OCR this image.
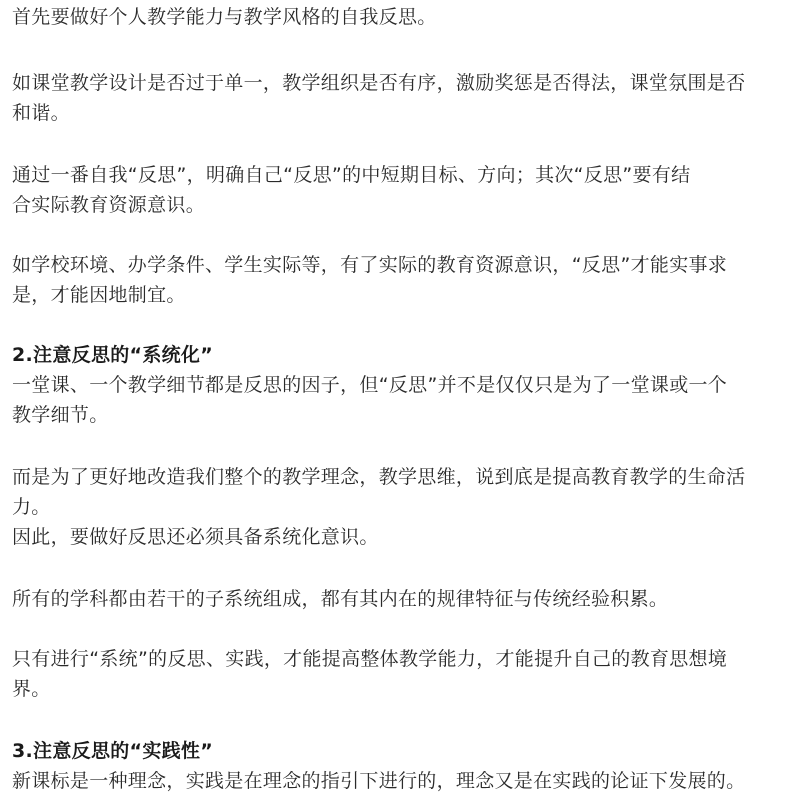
首先要做好个人教学能力与教学风格的自我反思。
如课堂教学设计是否过于单一，教学组织是否有序，激励奖惩是否得法，课堂氛围是否
和谐。
通过一番自我“反思”，明确自己“反思”的中短期目标、方向；其次“反思”要有结
合实际教育资源意识。
如学校环境、办学条件、学生实际等，有了实际的教育资源意识，“反思”才能实事求
是，才能因地制宜。
2.注意反思的“系统化”
一堂课、一个教学细节都是反思的因子，但“反思”并不是仅仅只是为了一堂课或一个
教学细节。
而是为了更好地改造我们整个的教学理念，教学思维，说到底是提高教育教学的生命活
力。
因此，要做好反思还必须具备系统化意识。
所有的学科都由若干的子系统组成，都有其内在的规律特征与传统经验积累。
只有进行“系统”的反思、实践，才能提高整体教学能力，才能提升自己的教育思想境
界。
3.注意反思的“实践性”
新课标是一种理念，实践是在理念的指引下进行的，理念又是在实践的论证下发展的。
